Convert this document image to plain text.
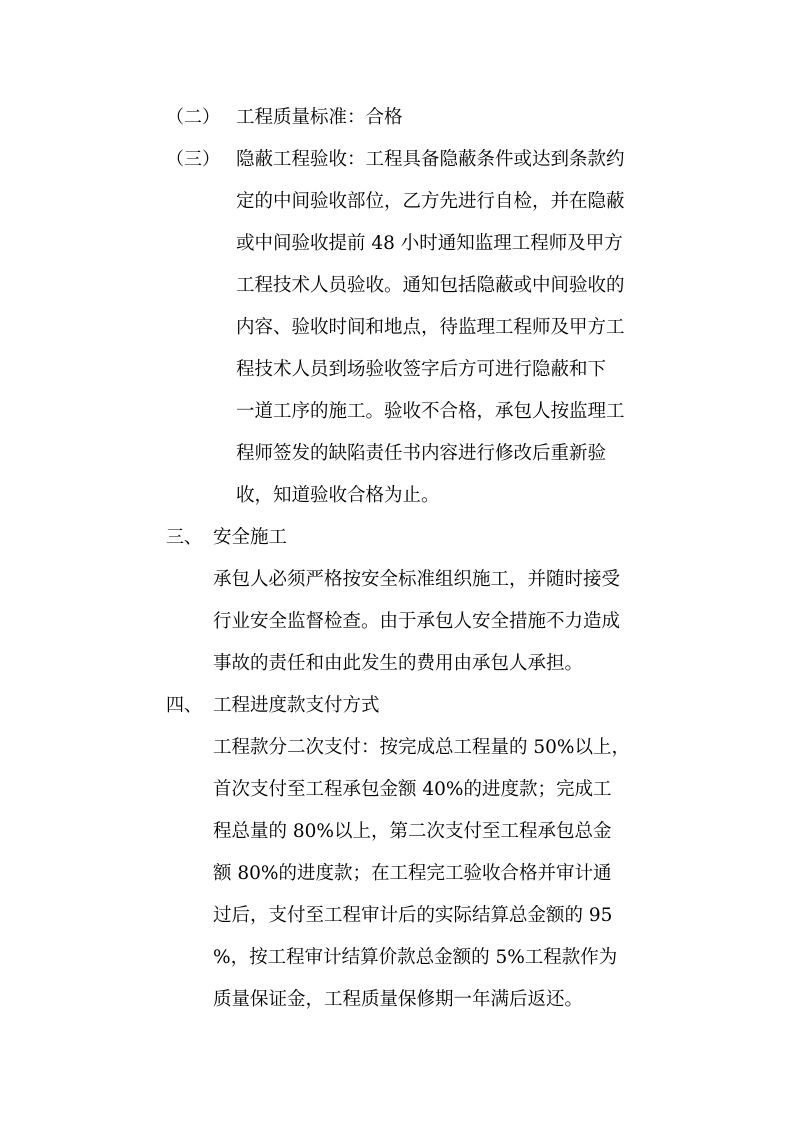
（二） 工程质量标准：合格
（三） 隐蔽工程验收：工程具备隐蔽条件或达到条款约
定的中间验收部位，乙方先进行自检，并在隐蔽
或中间验收提前 48 小时通知监理工程师及甲方
工程技术人员验收。通知包括隐蔽或中间验收的
内容、验收时间和地点，待监理工程师及甲方工
程技术人员到场验收签字后方可进行隐蔽和下
一道工序的施工。验收不合格，承包人按监理工
程师签发的缺陷责任书内容进行修改后重新验
收，知道验收合格为止。
三、 安全施工
承包人必须严格按安全标准组织施工，并随时接受
行业安全监督检查。由于承包人安全措施不力造成
事故的责任和由此发生的费用由承包人承担。
四、 工程进度款支付方式
工程款分二次支付：按完成总工程量的 50%以上，
首次支付至工程承包金额 40%的进度款；完成工
程总量的 80%以上，第二次支付至工程承包总金
额 80%的进度款；在工程完工验收合格并审计通
过后，支付至工程审计后的实际结算总金额的 95
%，按工程审计结算价款总金额的 5%工程款作为
质量保证金，工程质量保修期一年满后返还。
